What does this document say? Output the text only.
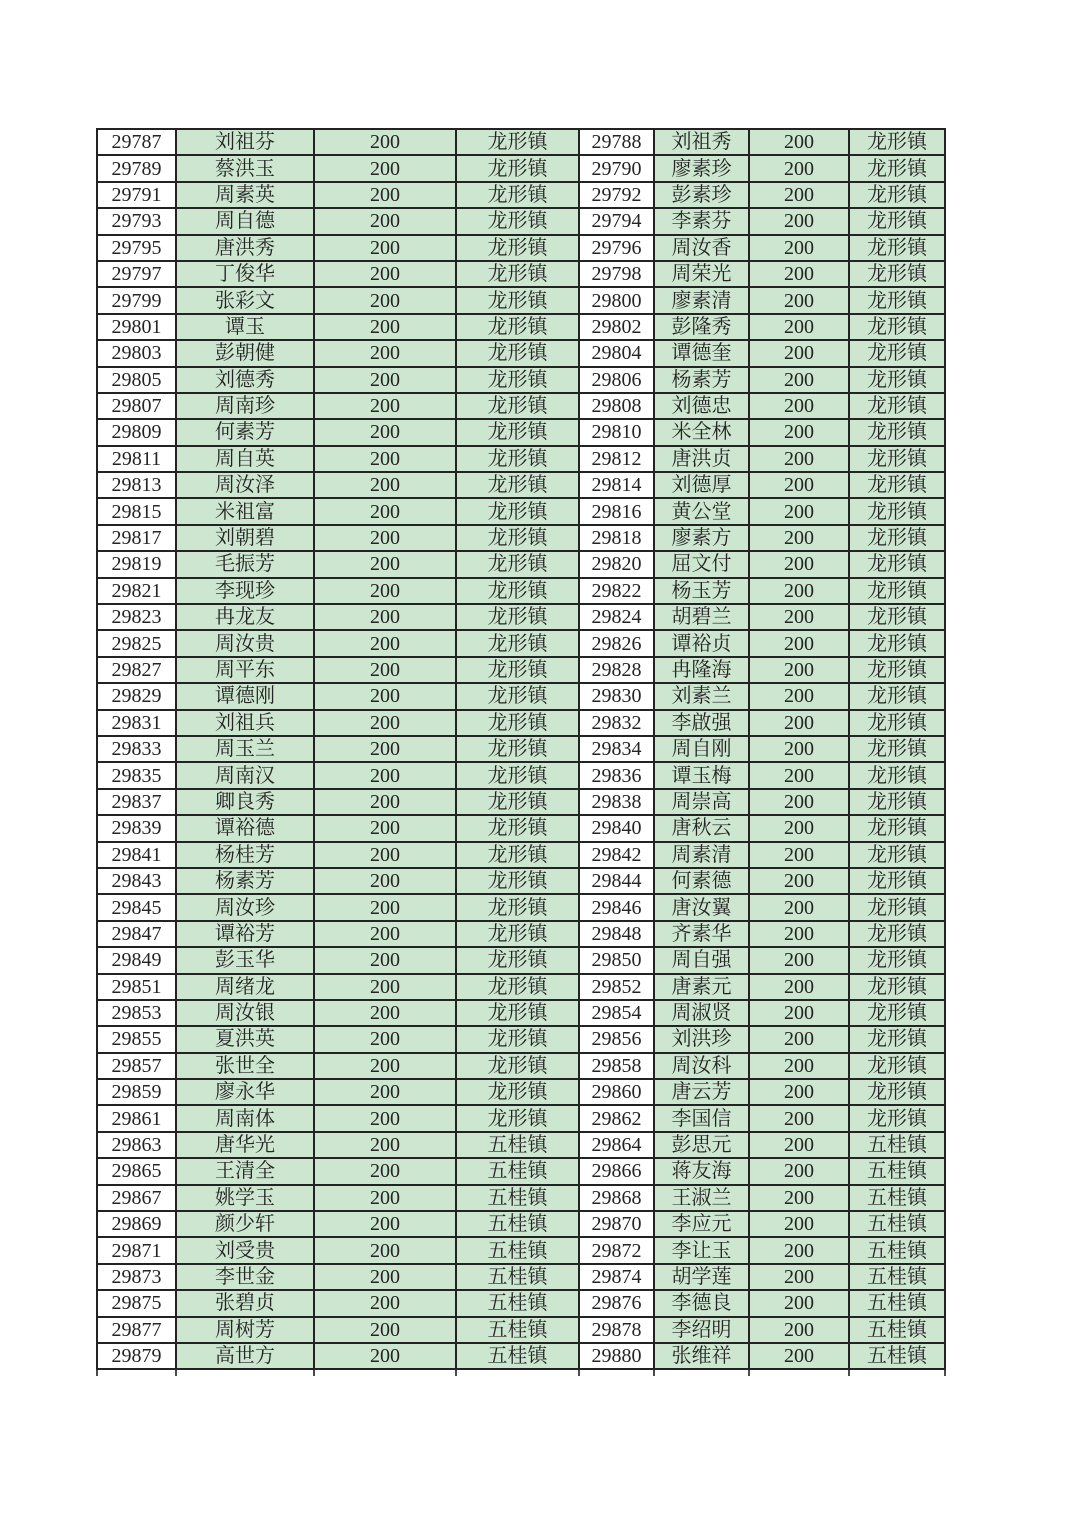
29787	刘祖芬	200	龙形镇	29788	刘祖秀	200	龙形镇
29789	蔡洪玉	200	龙形镇	29790	廖素珍	200	龙形镇
29791	周素英	200	龙形镇	29792	彭素珍	200	龙形镇
29793	周自德	200	龙形镇	29794	李素芬	200	龙形镇
29795	唐洪秀	200	龙形镇	29796	周汝香	200	龙形镇
29797	丁俊华	200	龙形镇	29798	周荣光	200	龙形镇
29799	张彩文	200	龙形镇	29800	廖素清	200	龙形镇
29801	谭玉	200	龙形镇	29802	彭隆秀	200	龙形镇
29803	彭朝健	200	龙形镇	29804	谭德奎	200	龙形镇
29805	刘德秀	200	龙形镇	29806	杨素芳	200	龙形镇
29807	周南珍	200	龙形镇	29808	刘德忠	200	龙形镇
29809	何素芳	200	龙形镇	29810	米全林	200	龙形镇
29811	周自英	200	龙形镇	29812	唐洪贞	200	龙形镇
29813	周汝泽	200	龙形镇	29814	刘德厚	200	龙形镇
29815	米祖富	200	龙形镇	29816	黄公堂	200	龙形镇
29817	刘朝碧	200	龙形镇	29818	廖素方	200	龙形镇
29819	毛振芳	200	龙形镇	29820	屈文付	200	龙形镇
29821	李现珍	200	龙形镇	29822	杨玉芳	200	龙形镇
29823	冉龙友	200	龙形镇	29824	胡碧兰	200	龙形镇
29825	周汝贵	200	龙形镇	29826	谭裕贞	200	龙形镇
29827	周平东	200	龙形镇	29828	冉隆海	200	龙形镇
29829	谭德刚	200	龙形镇	29830	刘素兰	200	龙形镇
29831	刘祖兵	200	龙形镇	29832	李啟强	200	龙形镇
29833	周玉兰	200	龙形镇	29834	周自刚	200	龙形镇
29835	周南汉	200	龙形镇	29836	谭玉梅	200	龙形镇
29837	卿良秀	200	龙形镇	29838	周崇高	200	龙形镇
29839	谭裕德	200	龙形镇	29840	唐秋云	200	龙形镇
29841	杨桂芳	200	龙形镇	29842	周素清	200	龙形镇
29843	杨素芳	200	龙形镇	29844	何素德	200	龙形镇
29845	周汝珍	200	龙形镇	29846	唐汝翼	200	龙形镇
29847	谭裕芳	200	龙形镇	29848	齐素华	200	龙形镇
29849	彭玉华	200	龙形镇	29850	周自强	200	龙形镇
29851	周绪龙	200	龙形镇	29852	唐素元	200	龙形镇
29853	周汝银	200	龙形镇	29854	周淑贤	200	龙形镇
29855	夏洪英	200	龙形镇	29856	刘洪珍	200	龙形镇
29857	张世全	200	龙形镇	29858	周汝科	200	龙形镇
29859	廖永华	200	龙形镇	29860	唐云芳	200	龙形镇
29861	周南体	200	龙形镇	29862	李国信	200	龙形镇
29863	唐华光	200	五桂镇	29864	彭思元	200	五桂镇
29865	王清全	200	五桂镇	29866	蒋友海	200	五桂镇
29867	姚学玉	200	五桂镇	29868	王淑兰	200	五桂镇
29869	颜少轩	200	五桂镇	29870	李应元	200	五桂镇
29871	刘受贵	200	五桂镇	29872	李让玉	200	五桂镇
29873	李世金	200	五桂镇	29874	胡学莲	200	五桂镇
29875	张碧贞	200	五桂镇	29876	李德良	200	五桂镇
29877	周树芳	200	五桂镇	29878	李绍明	200	五桂镇
29879	高世方	200	五桂镇	29880	张维祥	200	五桂镇
